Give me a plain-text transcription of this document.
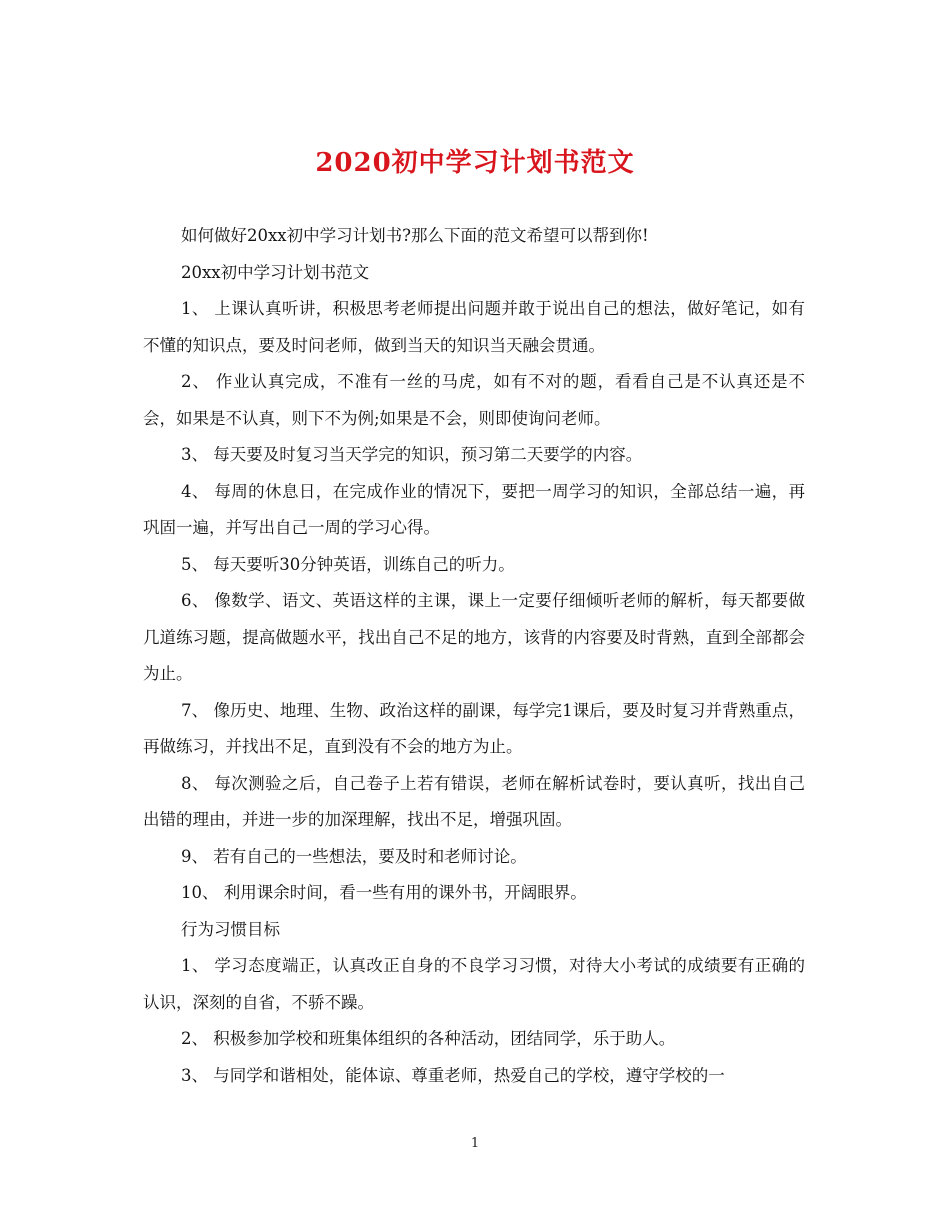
2020初中学习计划书范文

如何做好20xx初中学习计划书?那么下面的范文希望可以帮到你!

20xx初中学习计划书范文

1、 上课认真听讲，积极思考老师提出问题并敢于说出自己的想法，做好笔记，如有不懂的知识点，要及时问老师，做到当天的知识当天融会贯通。

2、 作业认真完成，不准有一丝的马虎，如有不对的题，看看自己是不认真还是不会，如果是不认真，则下不为例;如果是不会，则即使询问老师。

3、 每天要及时复习当天学完的知识，预习第二天要学的内容。

4、 每周的休息日，在完成作业的情况下，要把一周学习的知识，全部总结一遍，再巩固一遍，并写出自己一周的学习心得。

5、 每天要听30分钟英语，训练自己的听力。

6、 像数学、语文、英语这样的主课，课上一定要仔细倾听老师的解析，每天都要做几道练习题，提高做题水平，找出自己不足的地方，该背的内容要及时背熟，直到全部都会为止。

7、 像历史、地理、生物、政治这样的副课，每学完1课后，要及时复习并背熟重点，再做练习，并找出不足，直到没有不会的地方为止。

8、 每次测验之后，自己卷子上若有错误，老师在解析试卷时，要认真听，找出自己出错的理由，并进一步的加深理解，找出不足，增强巩固。

9、 若有自己的一些想法，要及时和老师讨论。

10、 利用课余时间，看一些有用的课外书，开阔眼界。

行为习惯目标

1、 学习态度端正，认真改正自身的不良学习习惯，对待大小考试的成绩要有正确的认识，深刻的自省，不骄不躁。

2、 积极参加学校和班集体组织的各种活动，团结同学，乐于助人。

3、 与同学和谐相处，能体谅、尊重老师，热爱自己的学校，遵守学校的一

1
